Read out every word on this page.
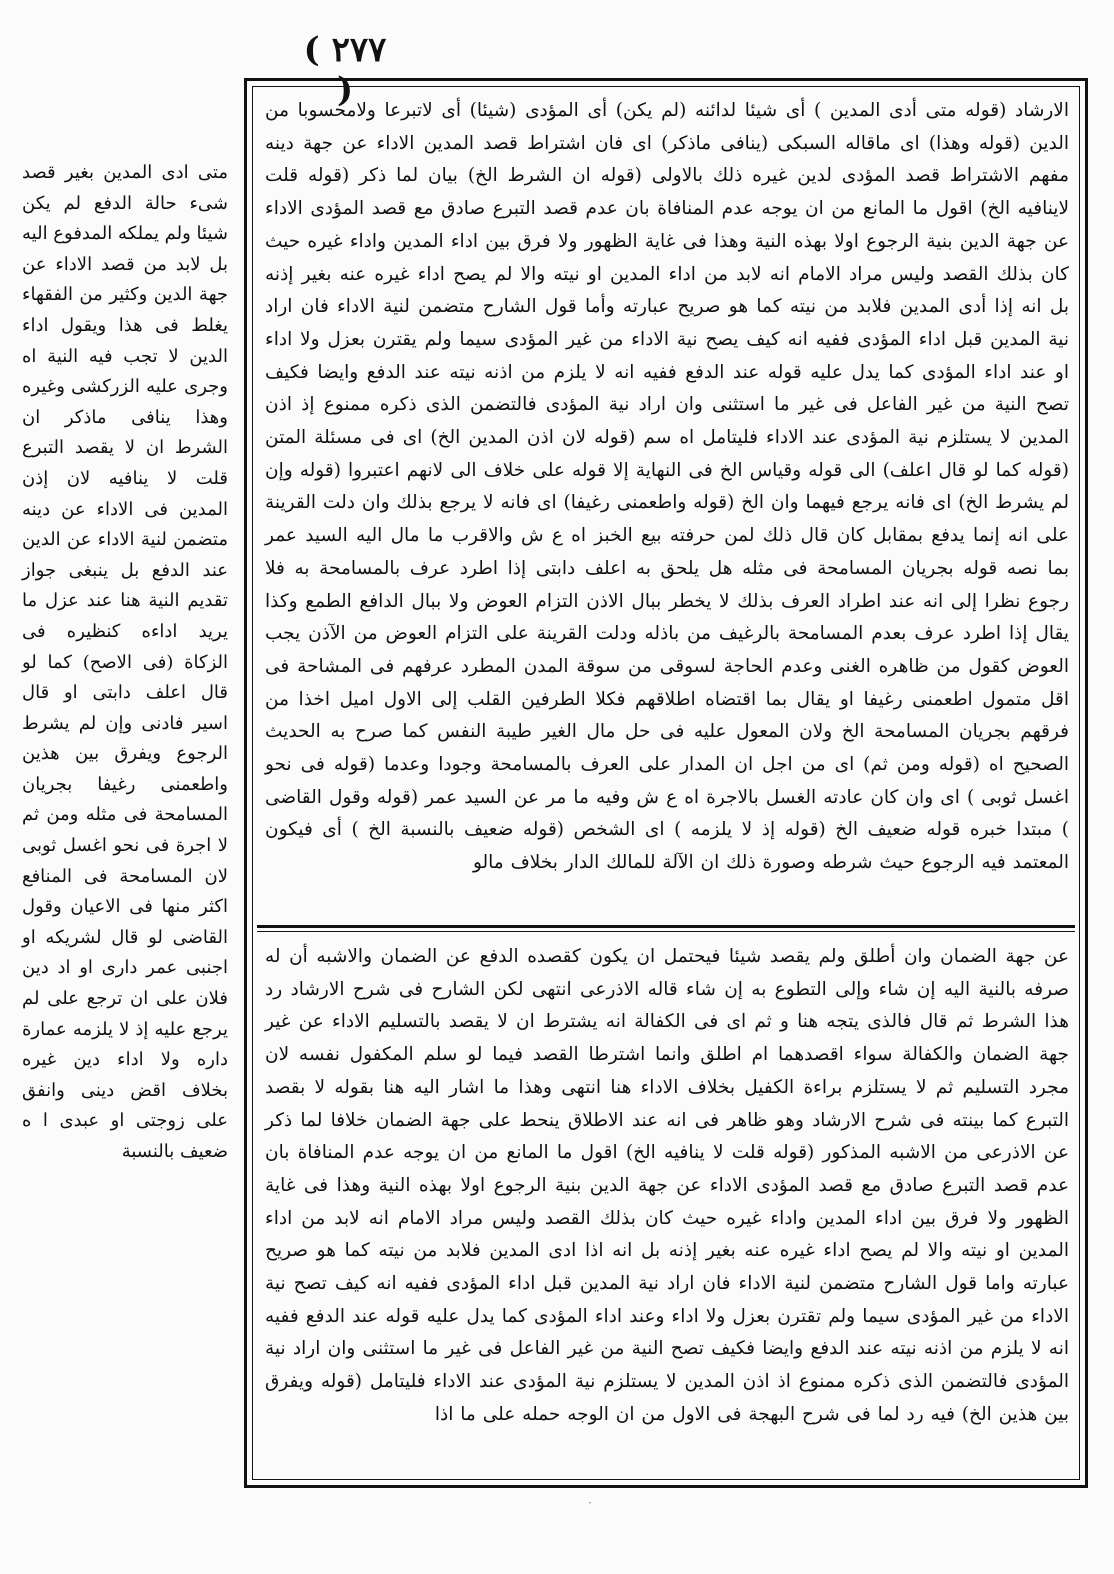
( ٢٧٧ )

متى ادى المدين بغير قصد شىء حالة الدفع لم يكن شيئا ولم يملكه المدفوع اليه بل لابد من قصد الاداء عن جهة الدين وكثير من الفقهاء يغلط فى هذا ويقول اداء الدين لا تجب فيه النية اه وجرى عليه الزركشى وغيره وهذا ينافى ماذكر ان الشرط ان لا يقصد التبرع قلت لا ينافيه لان إذن المدين فى الاداء عن دينه متضمن لنية الاداء عن الدين عند الدفع بل ينبغى جواز تقديم النية هنا عند عزل ما يريد اداءه كنظيره فى الزكاة (فى الاصح) كما لو قال اعلف دابتى او قال اسير فادنى وإن لم يشرط الرجوع ويفرق بين هذين واطعمنى رغيفا بجريان المسامحة فى مثله ومن ثم لا اجرة فى نحو اغسل ثوبى لان المسامحة فى المنافع اكثر منها فى الاعيان وقول القاضى لو قال لشريكه او اجنبى عمر دارى او اد دين فلان على ان ترجع على لم يرجع عليه إذ لا يلزمه عمارة داره ولا اداء دين غيره بخلاف اقض دينى وانفق على زوجتى او عبدى ا ه ضعيف بالنسبة

الارشاد (قوله متى أدى المدين ) أى شيئا لدائنه (لم يكن) أى المؤدى (شيئا) أى لاتبرعا ولامحسوبا من الدين (قوله وهذا) اى ماقاله السبكى (ينافى ماذكر) اى فان اشتراط قصد المدين الاداء عن جهة دينه مفهم الاشتراط قصد المؤدى لدين غيره ذلك بالاولى (قوله ان الشرط الخ) بيان لما ذكر (قوله قلت لاينافيه الخ) اقول ما المانع من ان يوجه عدم المنافاة بان عدم قصد التبرع صادق مع قصد المؤدى الاداء عن جهة الدين بنية الرجوع اولا بهذه النية وهذا فى غاية الظهور ولا فرق بين اداء المدين واداء غيره حيث كان بذلك القصد وليس مراد الامام انه لابد من اداء المدين او نيته والا لم يصح اداء غيره عنه بغير إذنه بل انه إذا أدى المدين فلابد من نيته كما هو صريح عبارته وأما قول الشارح متضمن لنية الاداء فان اراد نية المدين قبل اداء المؤدى ففيه انه كيف يصح نية الاداء من غير المؤدى سيما ولم يقترن بعزل ولا اداء او عند اداء المؤدى كما يدل عليه قوله عند الدفع ففيه انه لا يلزم من اذنه نيته عند الدفع وايضا فكيف تصح النية من غير الفاعل فى غير ما استثنى وان اراد نية المؤدى فالتضمن الذى ذكره ممنوع إذ اذن المدين لا يستلزم نية المؤدى عند الاداء فليتامل اه سم (قوله لان اذن المدين الخ) اى فى مسئلة المتن (قوله كما لو قال اعلف) الى قوله وقياس الخ فى النهاية إلا قوله على خلاف الى لانهم اعتبروا (قوله وإن لم يشرط الخ) اى فانه يرجع فيهما وان الخ (قوله واطعمنى رغيفا) اى فانه لا يرجع بذلك وان دلت القرينة على انه إنما يدفع بمقابل كان قال ذلك لمن حرفته بيع الخبز اه ع ش والاقرب ما مال اليه السيد عمر بما نصه قوله بجريان المسامحة فى مثله هل يلحق به اعلف دابتى إذا اطرد عرف بالمسامحة به فلا رجوع نظرا إلى انه عند اطراد العرف بذلك لا يخطر ببال الاذن التزام العوض ولا ببال الدافع الطمع وكذا يقال إذا اطرد عرف بعدم المسامحة بالرغيف من باذله ودلت القرينة على التزام العوض من الآذن يجب العوض كقول من ظاهره الغنى وعدم الحاجة لسوقى من سوقة المدن المطرد عرفهم فى المشاحة فى اقل متمول اطعمنى رغيفا او يقال بما اقتضاه اطلاقهم فكلا الطرفين القلب إلى الاول اميل اخذا من فرقهم بجريان المسامحة الخ ولان المعول عليه فى حل مال الغير طيبة النفس كما صرح به الحديث الصحيح اه (قوله ومن ثم) اى من اجل ان المدار على العرف بالمسامحة وجودا وعدما (قوله فى نحو اغسل ثوبى ) اى وان كان عادته الغسل بالاجرة اه ع ش وفيه ما مر عن السيد عمر (قوله وقول القاضى ) مبتدا خبره قوله ضعيف الخ (قوله إذ لا يلزمه ) اى الشخص (قوله ضعيف بالنسبة الخ ) أى فيكون المعتمد فيه الرجوع حيث شرطه وصورة ذلك ان الآلة للمالك الدار بخلاف مالو

عن جهة الضمان وان أطلق ولم يقصد شيئا فيحتمل ان يكون كقصده الدفع عن الضمان والاشبه أن له صرفه بالنية اليه إن شاء وإلى التطوع به إن شاء قاله الاذرعى انتهى لكن الشارح فى شرح الارشاد رد هذا الشرط ثم قال فالذى يتجه هنا و ثم اى فى الكفالة انه يشترط ان لا يقصد بالتسليم الاداء عن غير جهة الضمان والكفالة سواء اقصدهما ام اطلق وانما اشترطا القصد فيما لو سلم المكفول نفسه لان مجرد التسليم ثم لا يستلزم براءة الكفيل بخلاف الاداء هنا انتهى وهذا ما اشار اليه هنا بقوله لا بقصد التبرع كما بينته فى شرح الارشاد وهو ظاهر فى انه عند الاطلاق ينحط على جهة الضمان خلافا لما ذكر عن الاذرعى من الاشبه المذكور (قوله قلت لا ينافيه الخ) اقول ما المانع من ان يوجه عدم المنافاة بان عدم قصد التبرع صادق مع قصد المؤدى الاداء عن جهة الدين بنية الرجوع اولا بهذه النية وهذا فى غاية الظهور ولا فرق بين اداء المدين واداء غيره حيث كان بذلك القصد وليس مراد الامام انه لابد من اداء المدين او نيته والا لم يصح اداء غيره عنه بغير إذنه بل انه اذا ادى المدين فلابد من نيته كما هو صريح عبارته واما قول الشارح متضمن لنية الاداء فان اراد نية المدين قبل اداء المؤدى ففيه انه كيف تصح نية الاداء من غير المؤدى سيما ولم تقترن بعزل ولا اداء وعند اداء المؤدى كما يدل عليه قوله عند الدفع ففيه انه لا يلزم من اذنه نيته عند الدفع وايضا فكيف تصح النية من غير الفاعل فى غير ما استثنى وان اراد نية المؤدى فالتضمن الذى ذكره ممنوع اذ اذن المدين لا يستلزم نية المؤدى عند الاداء فليتامل (قوله ويفرق بين هذين الخ) فيه رد لما فى شرح البهجة فى الاول من ان الوجه حمله على ما اذا

·
